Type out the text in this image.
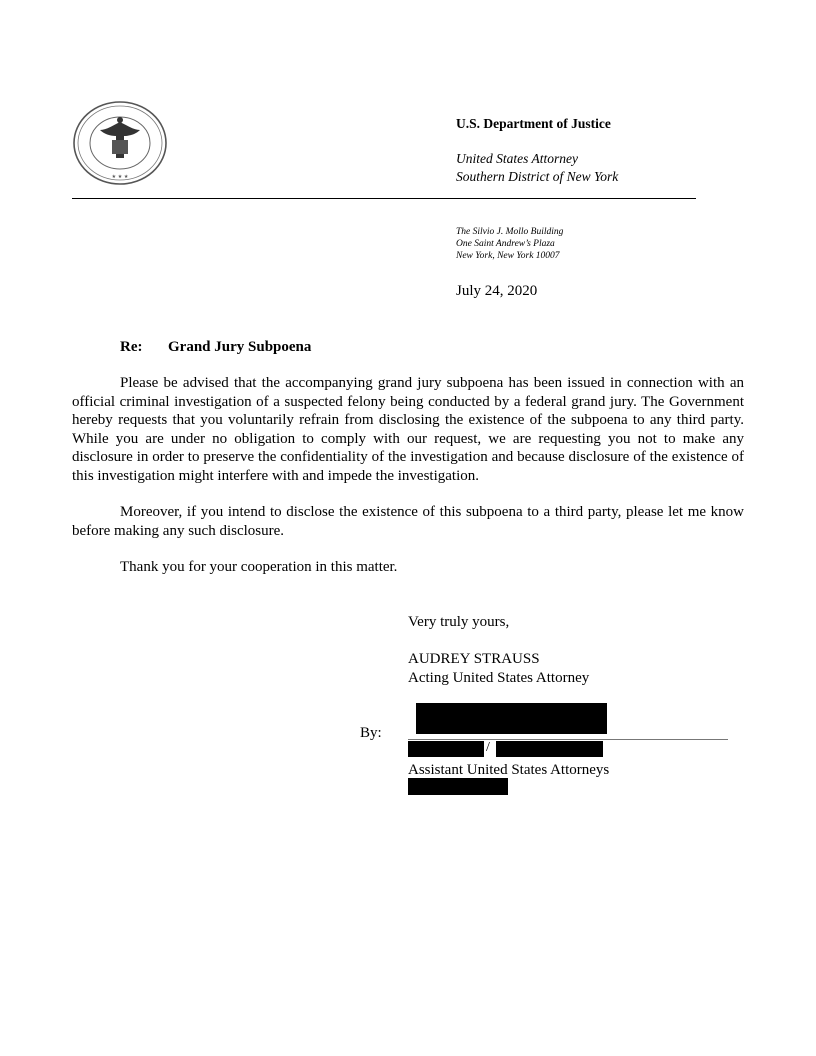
★ ★ ★
U.S. Department of Justice
United States Attorney
Southern District of New York
The Silvio J. Mollo Building
One Saint Andrew’s Plaza
New York, New York 10007
July 24, 2020
Re: Grand Jury Subpoena

Please be advised that the accompanying grand jury subpoena has been issued in connection with an official criminal investigation of a suspected felony being conducted by a federal grand jury. The Government hereby requests that you voluntarily refrain from disclosing the existence of the subpoena to any third party. While you are under no obligation to comply with our request, we are requesting you not to make any disclosure in order to preserve the confidentiality of the investigation and because disclosure of the existence of this investigation might interfere with and impede the investigation.

Moreover, if you intend to disclose the existence of this subpoena to a third party, please let me know before making any such disclosure.

Thank you for your cooperation in this matter.

Very truly yours,
AUDREY STRAUSS
Acting United States Attorney
By:
/
Assistant United States Attorneys
